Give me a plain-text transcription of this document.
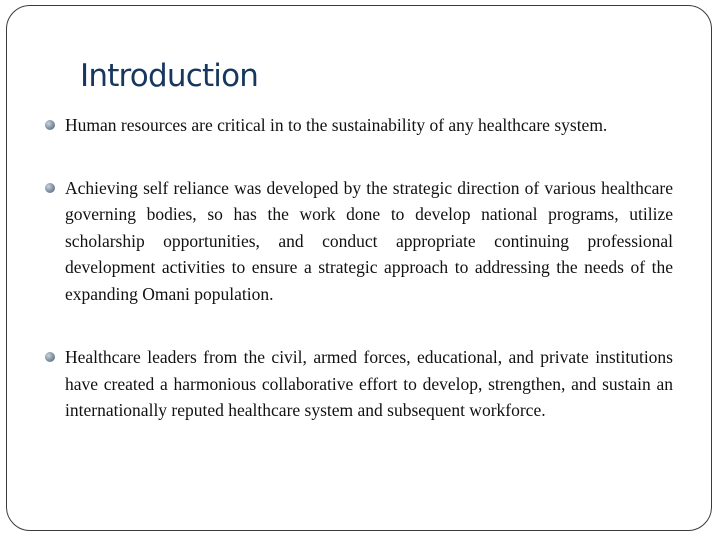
Introduction
Human resources are critical in to the sustainability of any healthcare system.
Achieving self reliance was developed by the strategic direction of various healthcare governing bodies, so has the work done to develop national programs, utilize scholarship opportunities, and conduct appropriate continuing professional development activities to ensure a strategic approach to addressing the needs of the expanding Omani population.
Healthcare leaders from the civil, armed forces, educational, and private institutions have created a harmonious collaborative effort to develop, strengthen, and sustain an internationally reputed healthcare system and subsequent workforce.
